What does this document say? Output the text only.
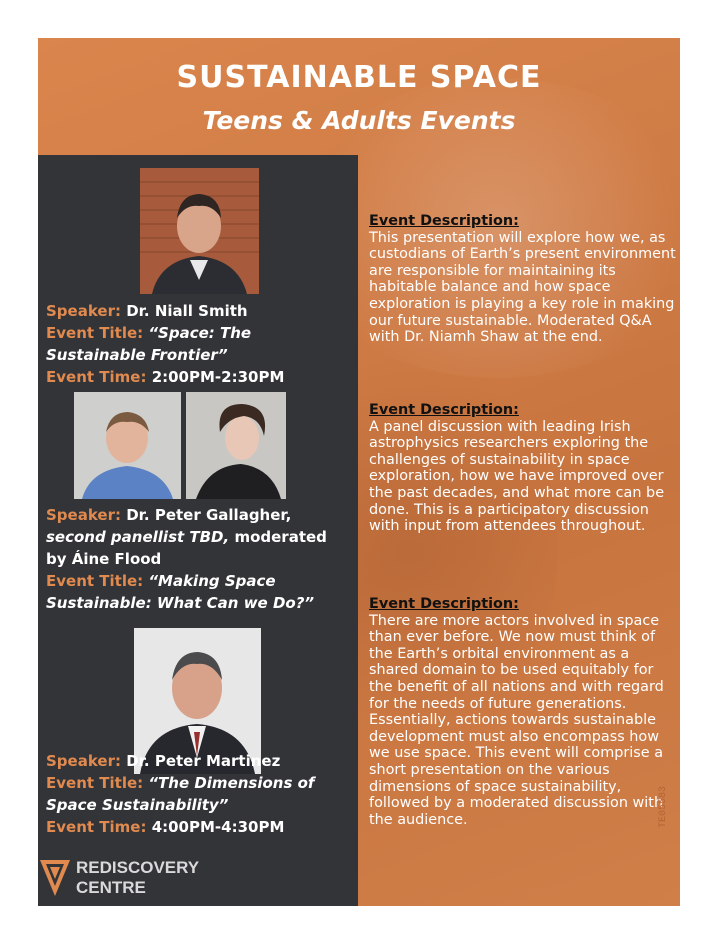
SUSTAINABLE SPACE
Teens & Adults Events
Speaker: Dr. Niall Smith
Event Title: “Space: The Sustainable Frontier”
Event Time: 2:00PM-2:30PM
Speaker: Dr. Peter Gallagher, second panellist TBD, moderated by Áine Flood
Event Title: “Making Space Sustainable: What Can we Do?”
Speaker: Dr. Peter Martinez
Event Title: “The Dimensions of Space Sustainability”
Event Time: 4:00PM-4:30PM
REDISCOVERY
CENTRE
Event Description:
This presentation will explore how we, as custodians of Earth’s present environment are responsible for maintaining its habitable balance and how space exploration is playing a key role in making our future sustainable. Moderated Q&A with Dr. Niamh Shaw at the end.
Event Description:
A panel discussion with leading Irish astrophysics researchers exploring the challenges of sustainability in space exploration, how we have improved over the past decades, and what more can be done. This is a participatory discussion with input from attendees throughout.
Event Description:
There are more actors involved in space than ever before. We now must think of the Earth’s orbital environment as a shared domain to be used equitably for the benefit of all nations and with regard for the needs of future generations. Essentially, actions towards sustainable development must also encompass how we use space. This event will comprise a short presentation on the various dimensions of space sustainability, followed by a moderated discussion with the audience.	TE05583
